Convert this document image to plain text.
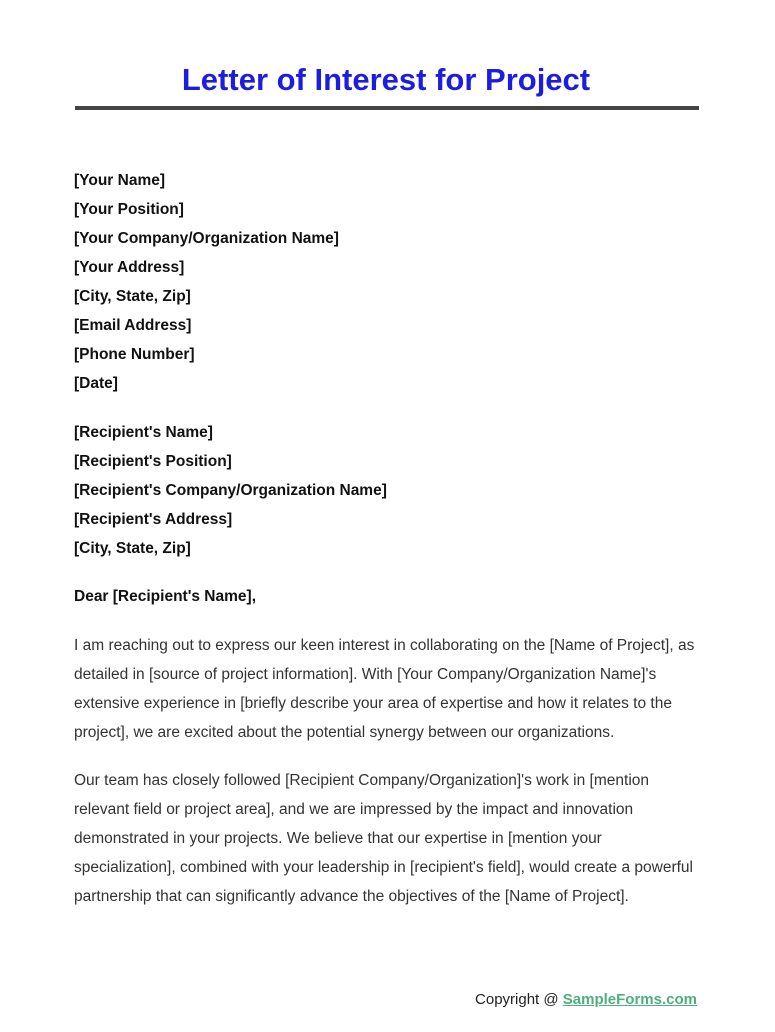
Letter of Interest for Project
[Your Name]
[Your Position]
[Your Company/Organization Name]
[Your Address]
[City, State, Zip]
[Email Address]
[Phone Number]
[Date]
[Recipient's Name]
[Recipient's Position]
[Recipient's Company/Organization Name]
[Recipient's Address]
[City, State, Zip]

Dear [Recipient's Name],

I am reaching out to express our keen interest in collaborating on the [Name of Project], as detailed in [source of project information]. With [Your Company/Organization Name]'s extensive experience in [briefly describe your area of expertise and how it relates to the project], we are excited about the potential synergy between our organizations.

Our team has closely followed [Recipient Company/Organization]'s work in [mention relevant field or project area], and we are impressed by the impact and innovation demonstrated in your projects. We believe that our expertise in [mention your specialization], combined with your leadership in [recipient's field], would create a powerful partnership that can significantly advance the objectives of the [Name of Project].

Copyright @ SampleForms.com
